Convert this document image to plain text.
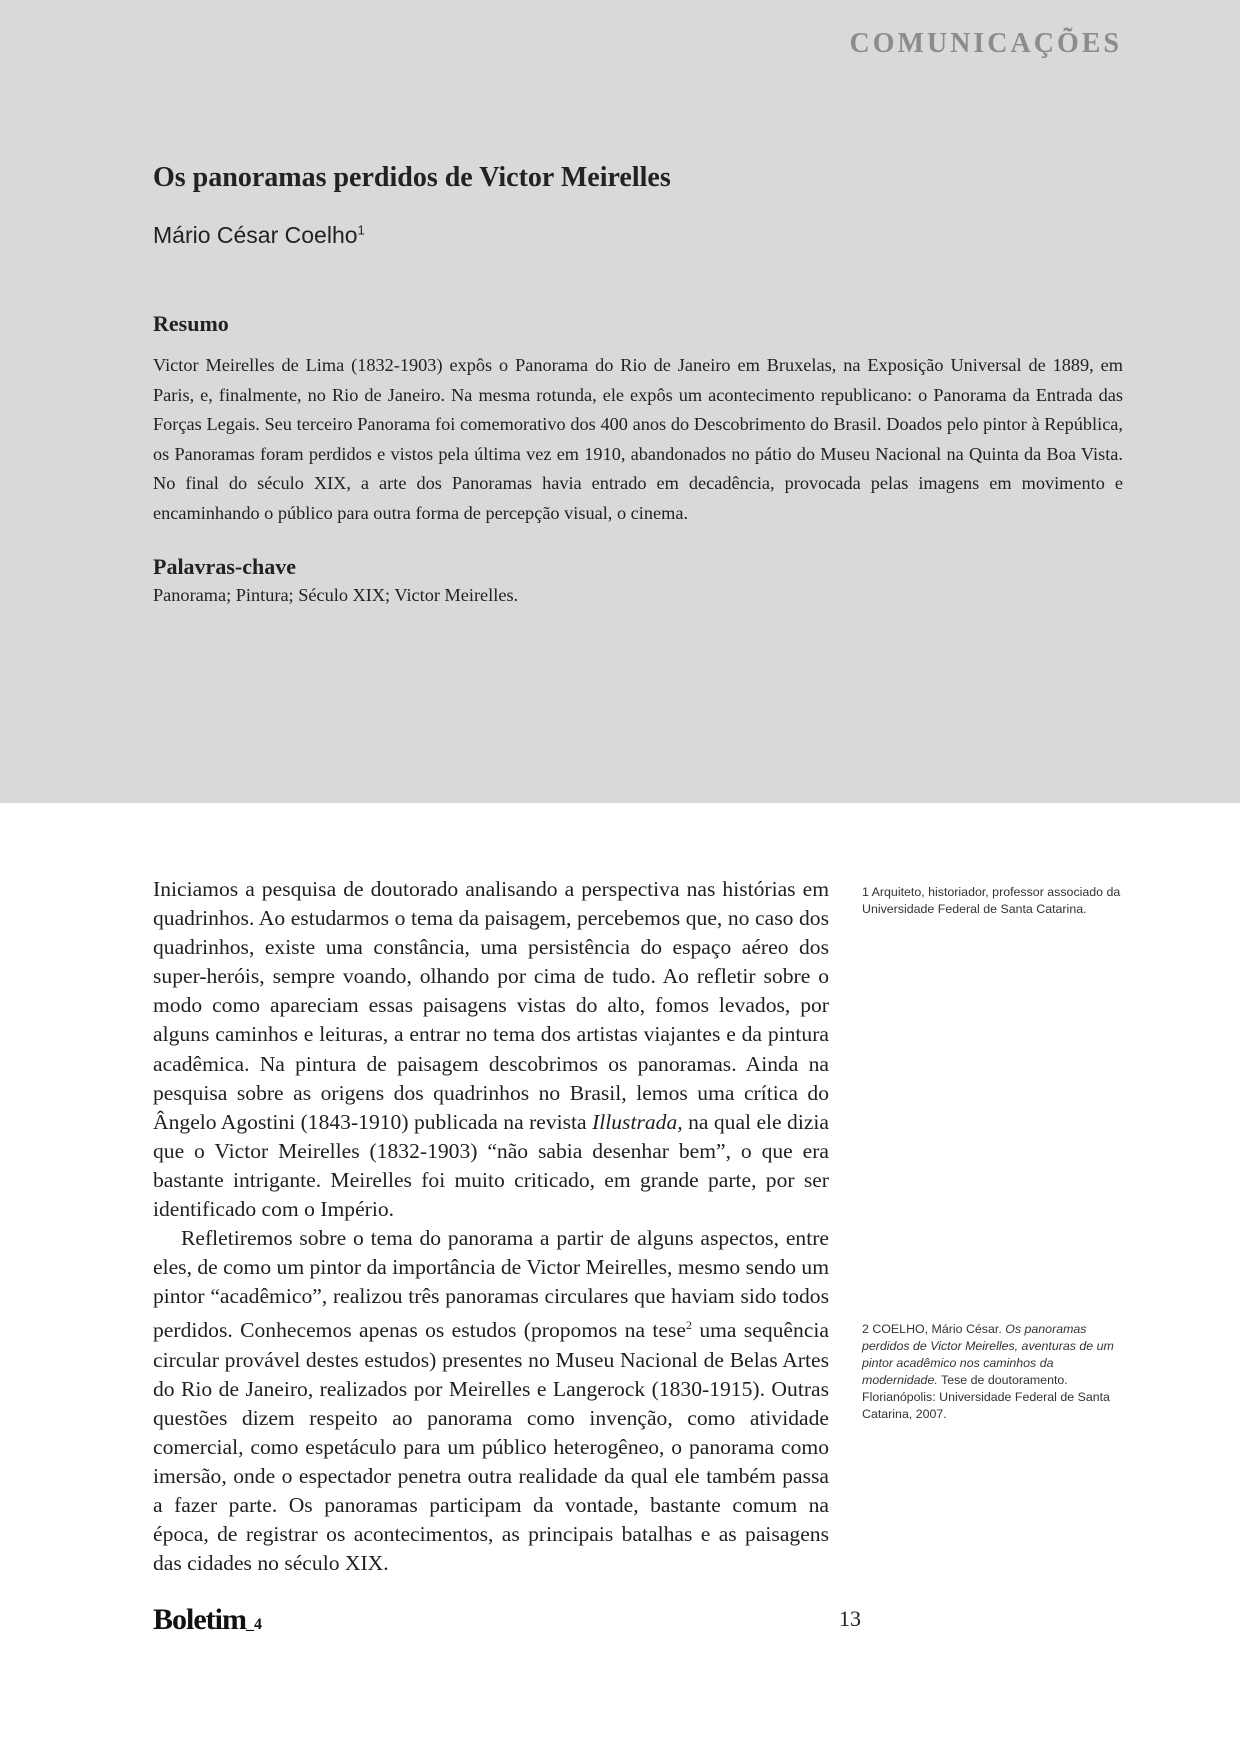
COMUNICAÇÕES
Os panoramas perdidos de Victor Meirelles
Mário César Coelho$^1$
Resumo

Victor Meirelles de Lima (1832-1903) expôs o Panorama do Rio de Janeiro em Bruxelas, na Exposição Universal de 1889, em Paris, e, finalmente, no Rio de Janeiro. Na mesma rotunda, ele expôs um acontecimento republicano: o Panorama da Entrada das Forças Legais. Seu terceiro Panorama foi comemorativo dos 400 anos do Descobrimento do Brasil. Doados pelo pintor à República, os Panoramas foram perdidos e vistos pela última vez em 1910, abandonados no pátio do Museu Nacional na Quinta da Boa Vista. No final do século XIX, a arte dos Panoramas havia entrado em decadência, provocada pelas imagens em movimento e encaminhando o público para outra forma de percepção visual, o cinema.

Palavras-chave

Panorama; Pintura; Século XIX; Victor Meirelles.

Iniciamos a pesquisa de doutorado analisando a perspectiva nas histórias em quadrinhos. Ao estudarmos o tema da paisagem, percebemos que, no caso dos quadrinhos, existe uma constância, uma persistência do espaço aéreo dos super-heróis, sempre voando, olhando por cima de tudo. Ao refletir sobre o modo como apareciam essas paisagens vistas do alto, fomos levados, por alguns caminhos e leituras, a entrar no tema dos artistas viajantes e da pintura acadêmica. Na pintura de paisagem descobrimos os panoramas. Ainda na pesquisa sobre as origens dos quadrinhos no Brasil, lemos uma crítica do Ângelo Agostini (1843-1910) publicada na revista Illustrada, na qual ele dizia que o Victor Meirelles (1832-1903) “não sabia desenhar bem”, o que era bastante intrigante. Meirelles foi muito criticado, em grande parte, por ser identificado com o Império.

Refletiremos sobre o tema do panorama a partir de alguns aspectos, entre eles, de como um pintor da importância de Victor Meirelles, mesmo sendo um pintor “acadêmico”, realizou três panoramas circulares que haviam sido todos perdidos. Conhecemos apenas os estudos (propomos na tese$^2$ uma sequência circular provável destes estudos) presentes no Museu Nacional de Belas Artes do Rio de Janeiro, realizados por Meirelles e Langerock (1830-1915). Outras questões dizem respeito ao panorama como invenção, como atividade comercial, como espetáculo para um público heterogêneo, o panorama como imersão, onde o espectador penetra outra realidade da qual ele também passa a fazer parte. Os panoramas participam da vontade, bastante comum na época, de registrar os acontecimentos, as principais batalhas e as paisagens das cidades no século XIX.

1 Arquiteto, historiador, professor associado da Universidade Federal de Santa Catarina.
2 COELHO, Mário César. Os panoramas perdidos de Victor Meirelles, aventuras de um pintor acadêmico nos caminhos da modernidade. Tese de doutoramento. Florianópolis: Universidade Federal de Santa Catarina, 2007.
Boletim_4	13
